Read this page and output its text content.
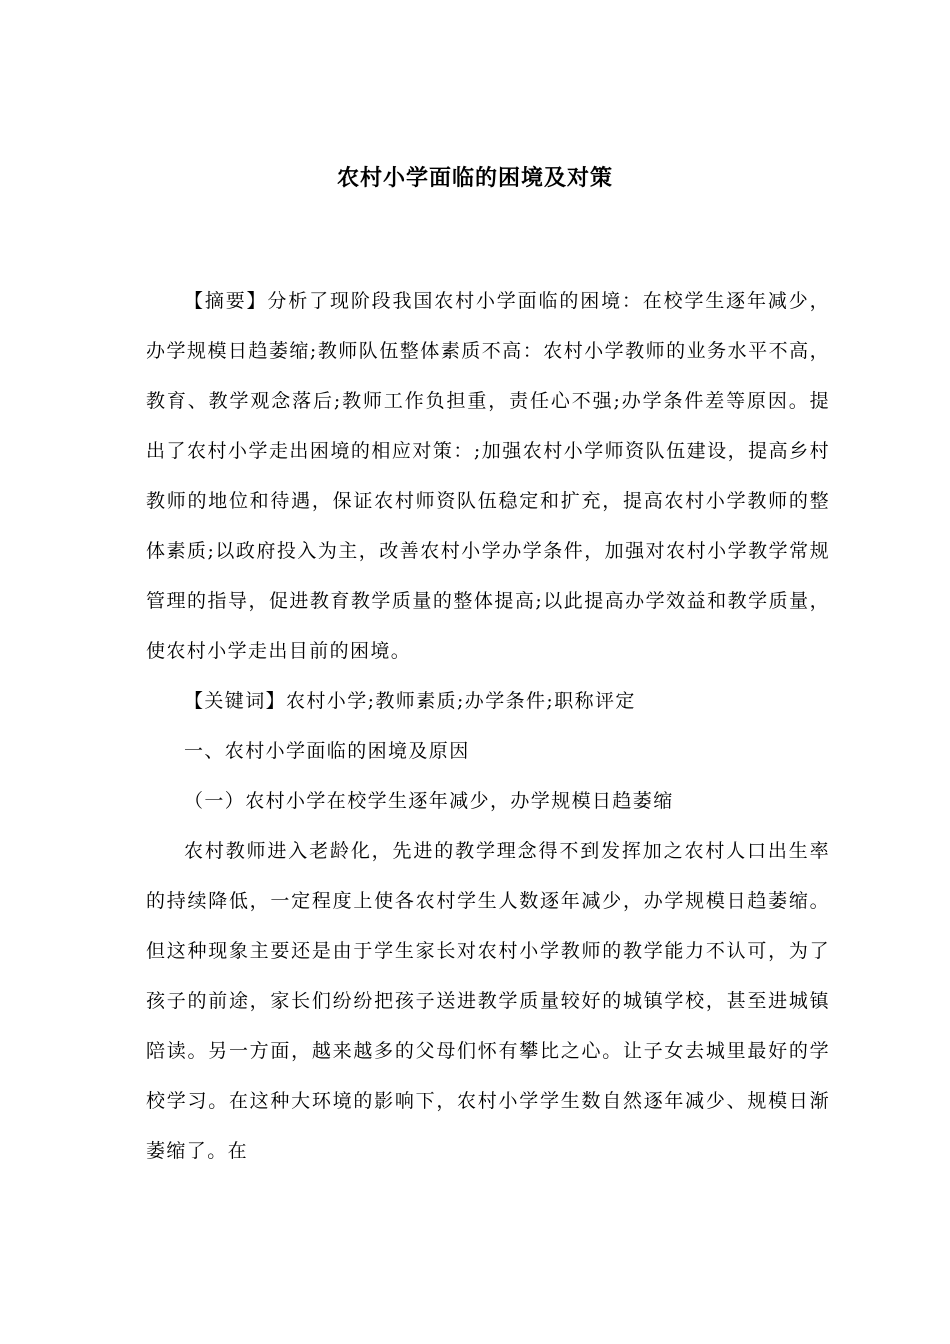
农村小学面临的困境及对策

【摘要】分析了现阶段我国农村小学面临的困境：在校学生逐年减少，办学规模日趋萎缩;教师队伍整体素质不高：农村小学教师的业务水平不高，教育、教学观念落后;教师工作负担重，责任心不强;办学条件差等原因。提出了农村小学走出困境的相应对策：;加强农村小学师资队伍建设，提高乡村教师的地位和待遇，保证农村师资队伍稳定和扩充，提高农村小学教师的整体素质;以政府投入为主，改善农村小学办学条件，加强对农村小学教学常规管理的指导，促进教育教学质量的整体提高;以此提高办学效益和教学质量，使农村小学走出目前的困境。

【关键词】农村小学;教师素质;办学条件;职称评定

一、农村小学面临的困境及原因

（一）农村小学在校学生逐年减少，办学规模日趋萎缩

农村教师进入老龄化，先进的教学理念得不到发挥加之农村人口出生率的持续降低，一定程度上使各农村学生人数逐年减少，办学规模日趋萎缩。但这种现象主要还是由于学生家长对农村小学教师的教学能力不认可，为了孩子的前途，家长们纷纷把孩子送进教学质量较好的城镇学校，甚至进城镇陪读。另一方面，越来越多的父母们怀有攀比之心。让子女去城里最好的学校学习。在这种大环境的影响下，农村小学学生数自然逐年减少、规模日渐萎缩了。在
